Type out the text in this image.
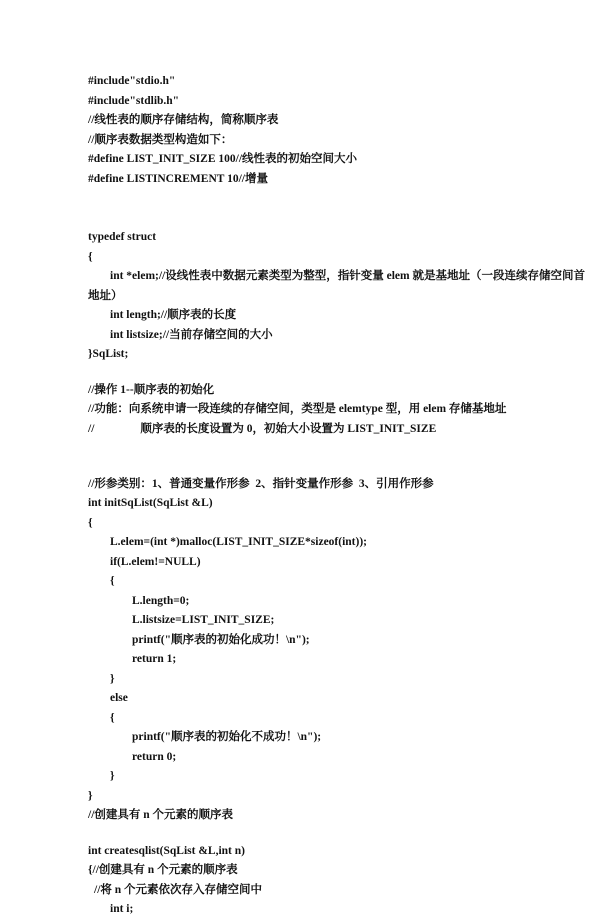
#include"stdio.h"
#include"stdlib.h"
//线性表的顺序存储结构，简称顺序表
//顺序表数据类型构造如下：
#define LIST_INIT_SIZE 100//线性表的初始空间大小
#define LISTINCREMENT 10//增量
typedef struct
{
int *elem;//设线性表中数据元素类型为整型，指针变量 elem 就是基地址（一段连续存储空间首地址）
int length;//顺序表的长度
int listsize;//当前存储空间的大小
}SqList;
//操作 1--顺序表的初始化
//功能：向系统申请一段连续的存储空间，类型是 elemtype 型，用 elem 存储基地址
//	顺序表的长度设置为 0，初始大小设置为 LIST_INIT_SIZE
//形参类别：1、普通变量作形参  2、指针变量作形参  3、引用作形参
int initSqList(SqList &L)
{
L.elem=(int *)malloc(LIST_INIT_SIZE*sizeof(int));
if(L.elem!=NULL)
{
L.length=0;
L.listsize=LIST_INIT_SIZE;
printf("顺序表的初始化成功！\n");
return 1;
}
else
{
printf("顺序表的初始化不成功！\n");
return 0;
}
}
//创建具有 n 个元素的顺序表
int createsqlist(SqList &L,int n)
{//创建具有 n 个元素的顺序表
//将 n 个元素依次存入存储空间中
int i;
